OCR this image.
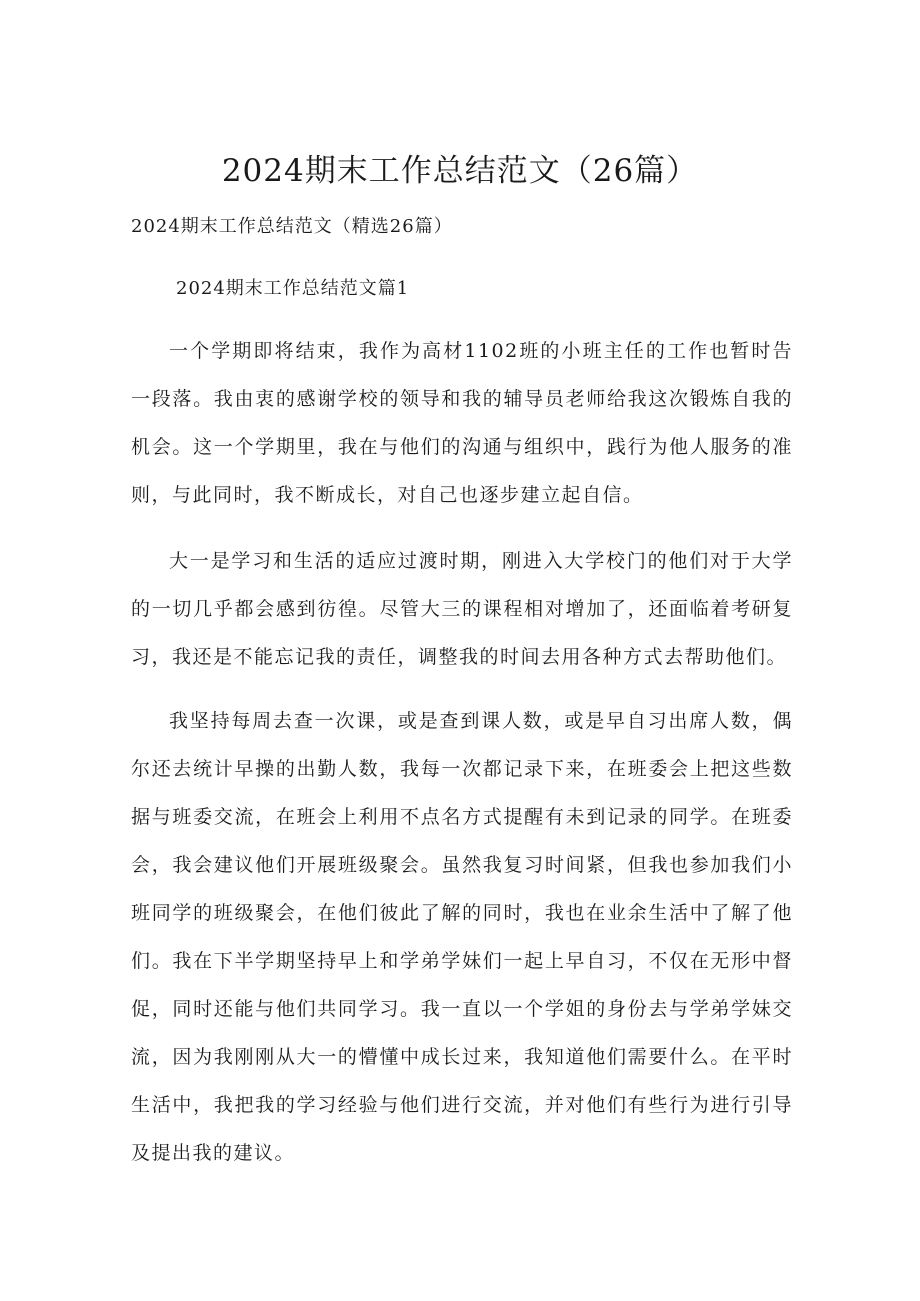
2024期末工作总结范文（26篇）

2024期末工作总结范文（精选26篇）

2024期末工作总结范文篇1

一个学期即将结束，我作为高材1102班的小班主任的工作也暂时告一段落。我由衷的感谢学校的领导和我的辅导员老师给我这次锻炼自我的机会。这一个学期里，我在与他们的沟通与组织中，践行为他人服务的准则，与此同时，我不断成长，对自己也逐步建立起自信。

大一是学习和生活的适应过渡时期，刚进入大学校门的他们对于大学的一切几乎都会感到彷徨。尽管大三的课程相对增加了，还面临着考研复习，我还是不能忘记我的责任，调整我的时间去用各种方式去帮助他们。

我坚持每周去查一次课，或是查到课人数，或是早自习出席人数，偶尔还去统计早操的出勤人数，我每一次都记录下来，在班委会上把这些数据与班委交流，在班会上利用不点名方式提醒有未到记录的同学。在班委会，我会建议他们开展班级聚会。虽然我复习时间紧，但我也参加我们小班同学的班级聚会，在他们彼此了解的同时，我也在业余生活中了解了他们。我在下半学期坚持早上和学弟学妹们一起上早自习，不仅在无形中督促，同时还能与他们共同学习。我一直以一个学姐的身份去与学弟学妹交流，因为我刚刚从大一的懵懂中成长过来，我知道他们需要什么。在平时生活中，我把我的学习经验与他们进行交流，并对他们有些行为进行引导及提出我的建议。
